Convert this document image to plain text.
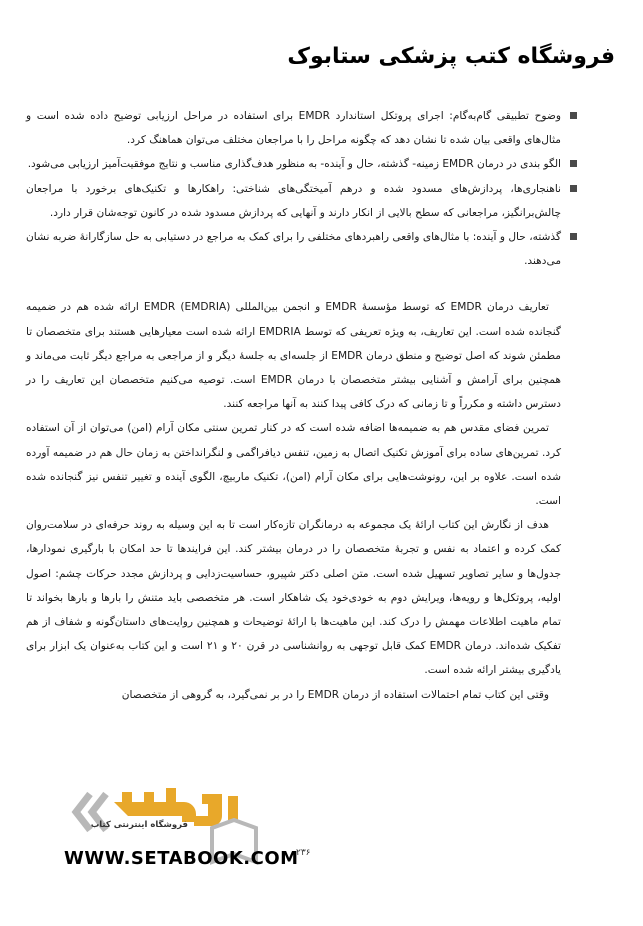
فروشگاه کتب پزشکی ستابوک
وضوح تطبیقی گام‌به‌گام: اجرای پروتکل استاندارد EMDR برای استفاده در مراحل ارزیابی توضیح داده شده است و مثال‌های واقعی بیان شده تا نشان دهد که چگونه مراحل را با مراجعان مختلف می‌توان هماهنگ کرد.
الگو بندی در درمان EMDR زمینه- گذشته، حال و آینده- به منظور هدف‌گذاری مناسب و نتایج موفقیت‌آمیز ارزیابی می‌شود.
ناهنجاری‌ها، پردازش‌های مسدود شده و درهم آمیختگی‌های شناختی: راهکارها و تکنیک‌های برخورد با مراجعان چالش‌برانگیز، مراجعانی که سطح بالایی از انکار دارند و آنهایی که پردازش مسدود شده در کانون توجه‌شان قرار دارد.
گذشته، حال و آینده: با مثال‌های واقعی راهبردهای مختلفی را برای کمک به مراجع در دستیابی به حل سازگارانهٔ ضربه نشان می‌دهند.

تعاریف درمان EMDR که توسط مؤسسهٔ EMDR و انجمن بین‌المللی EMDR (EMDRIA) ارائه شده هم در ضمیمه گنجانده شده است. این تعاریف، به ویژه تعریفی که توسط EMDRIA ارائه شده است معیارهایی هستند برای متخصصان تا مطمئن شوند که اصل توضیح و منطق درمان EMDR از جلسه‌ای به جلسهٔ دیگر و از مراجعی به مراجع دیگر ثابت می‌ماند و همچنین برای آرامش و آشنایی بیشتر متخصصان با درمان EMDR است. توصیه می‌کنیم متخصصان این تعاریف را در دسترس داشته و مکرراً و تا زمانی که درک کافی پیدا کنند به آنها مراجعه کنند.

تمرین فضای مقدس هم به ضمیمه‌ها اضافه شده است که در کنار تمرین سنتی مکان آرام (امن) می‌توان از آن استفاده کرد. تمرین‌های ساده برای آموزش تکنیک اتصال به زمین، تنفس دیافراگمی و لنگرانداختن به زمان حال هم در ضمیمه آورده شده است. علاوه بر این، رونوشت‌هایی برای مکان آرام (امن)، تکنیک ماربیچ، الگوی آینده و تغییر تنفس نیز گنجانده شده است.

هدف از نگارش این کتاب ارائهٔ یک مجموعه به درمانگران تازه‌کار است تا به این وسیله به روند حرفه‌ای در سلامت‌روان کمک کرده و اعتماد به نفس و تجربهٔ متخصصان را در درمان بیشتر کند. این فرایندها تا حد امکان با بارگیری نمودارها، جدول‌ها و سایر تصاویر تسهیل شده است. متن اصلی دکتر شپیرو، حساسیت‌زدایی و پردازش مجدد حرکات چشم: اصول اولیه، پروتکل‌ها و رویه‌ها، ویرایش دوم به خودی‌خود یک شاهکار است. هر متخصصی باید متنش را بارها و بارها بخواند تا تمام ماهیت اطلاعات مهمش را درک کند. این ماهیت‌ها با ارائهٔ توضیحات و همچنین روایت‌های داستان‌گونه و شفاف از هم تفکیک شده‌اند. درمان EMDR کمک قابل توجهی به روانشناسی در قرن ۲۰ و ۲۱ است و این کتاب به‌عنوان یک ابزار برای یادگیری بیشتر ارائه شده است.

وقتی این کتاب تمام احتمالات استفاده از درمان EMDR را در بر نمی‌گیرد، به گروهی از متخصصان

۲۳۶
فروشگاه اینترنتی کتاب
WWW.SETABOOK.COM
